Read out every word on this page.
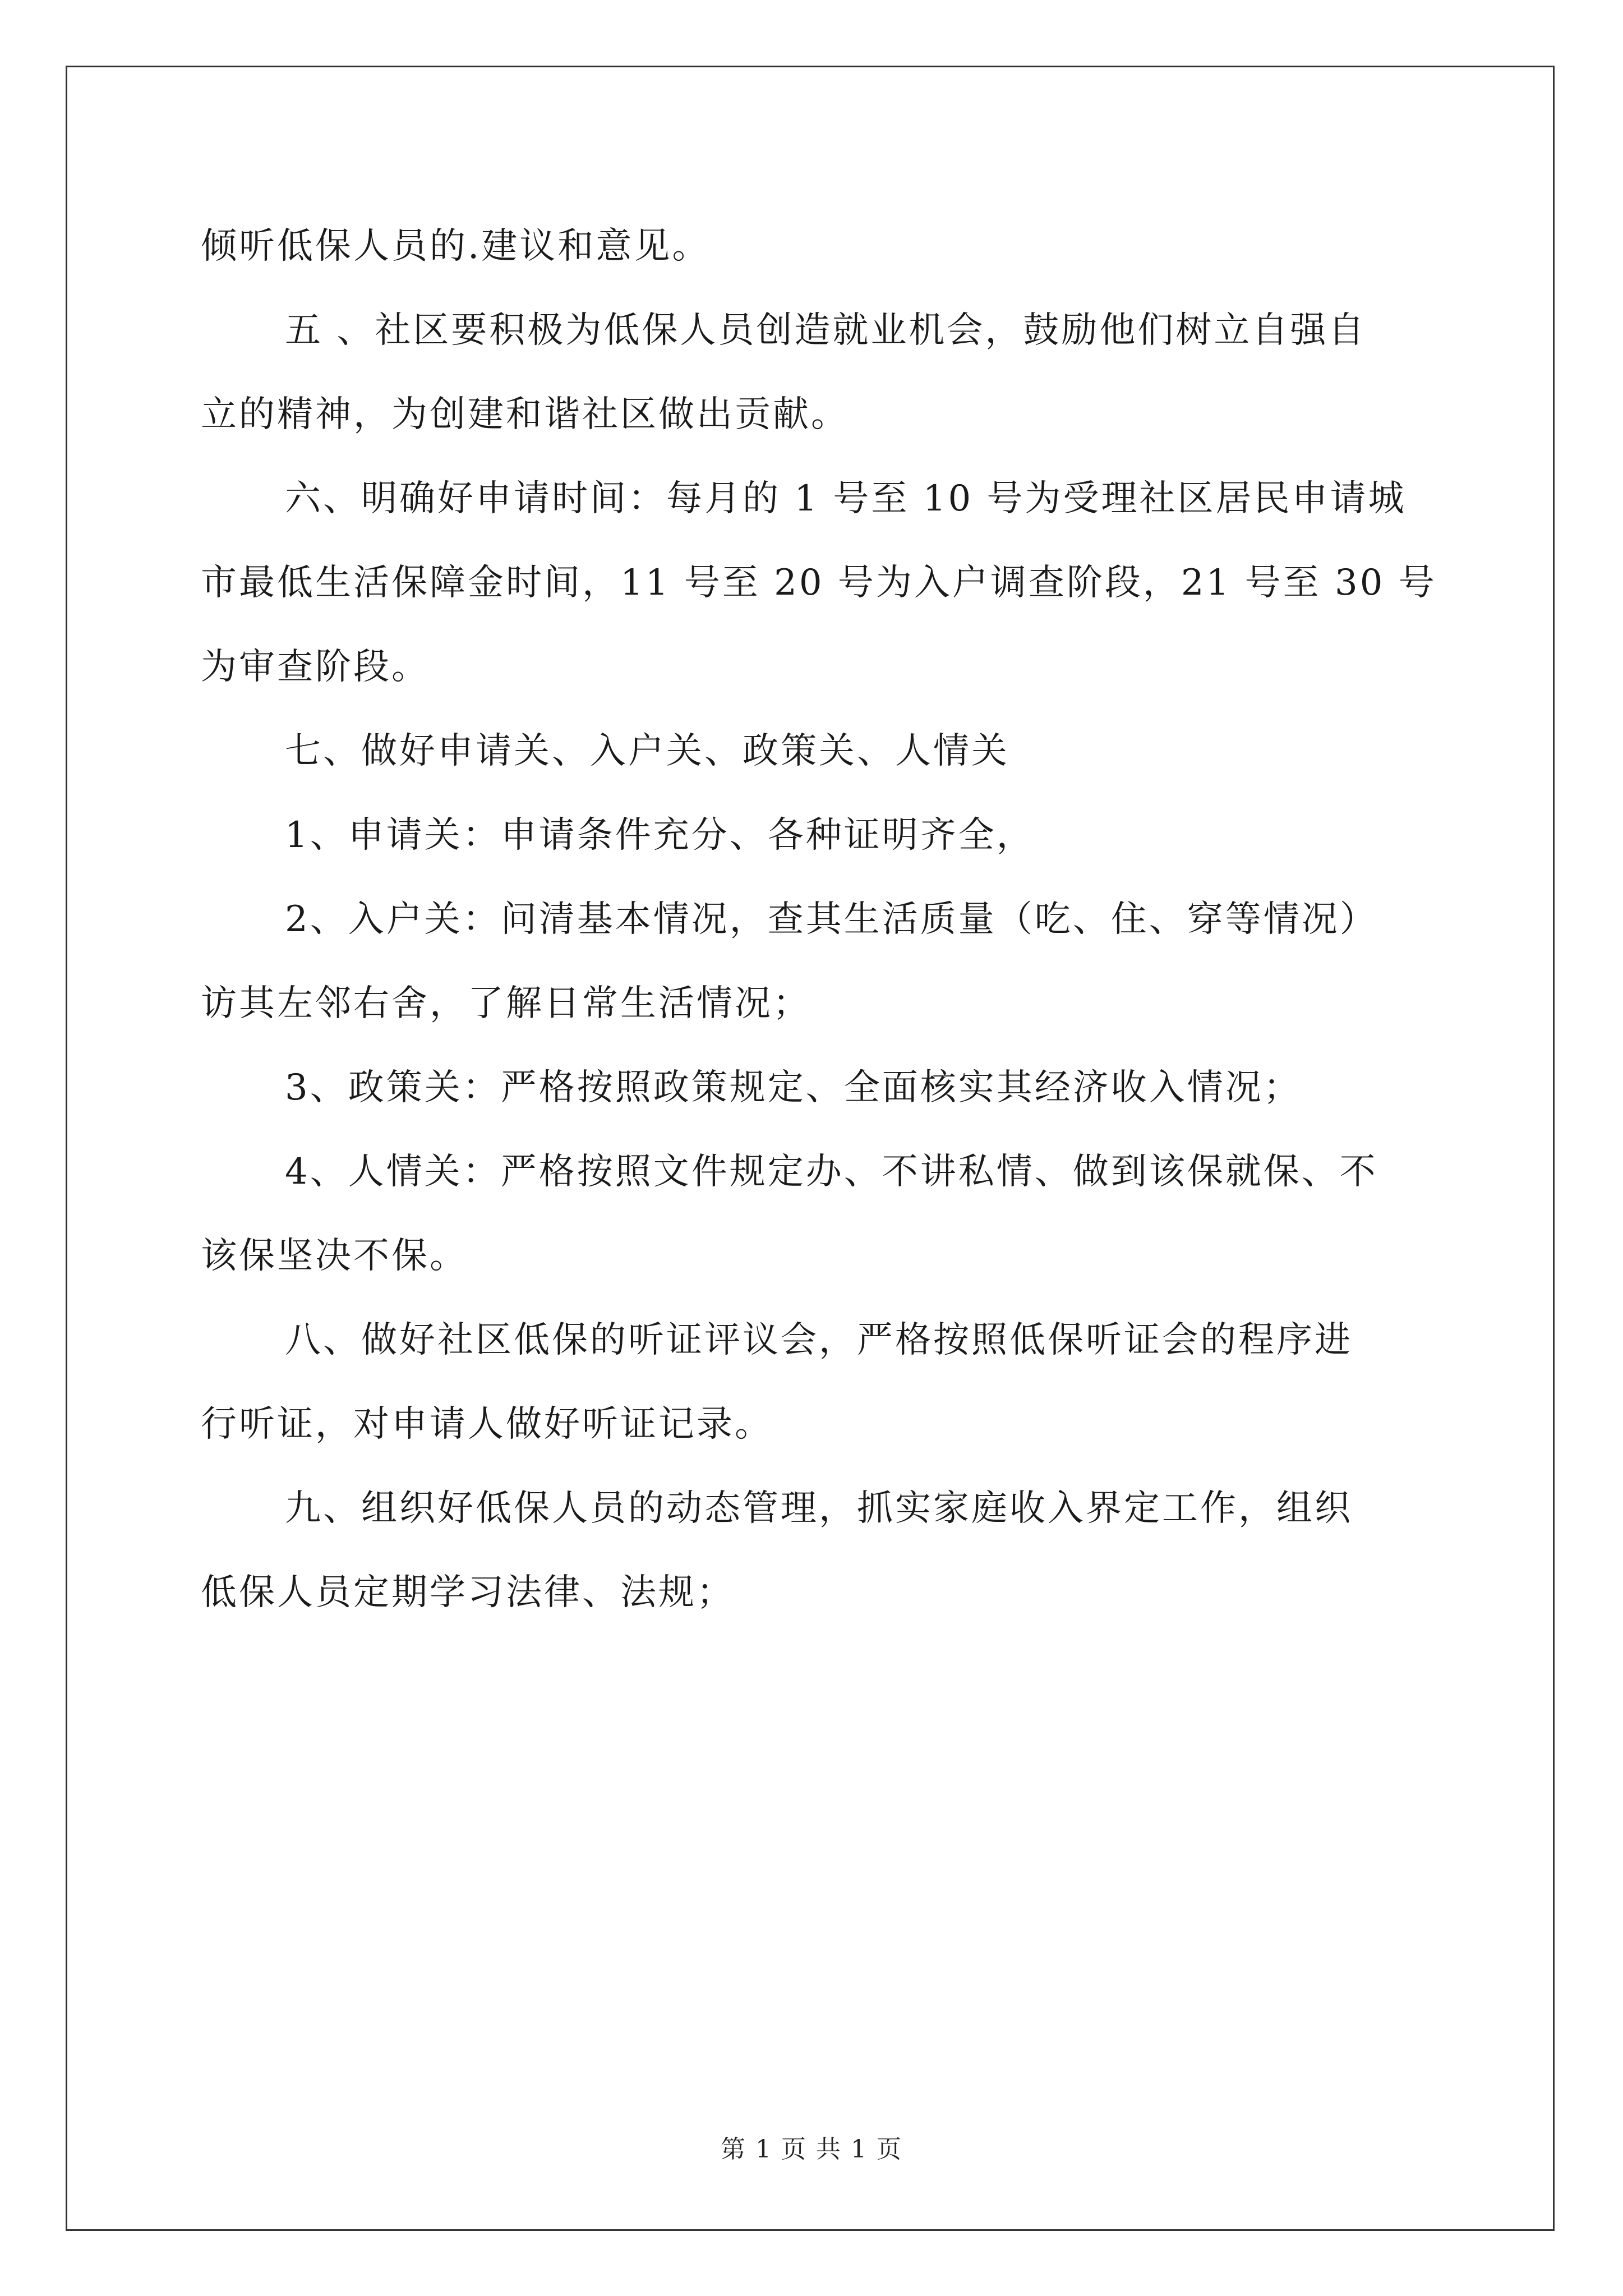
倾听低保人员的.建议和意见。
五 、社区要积极为低保人员创造就业机会，鼓励他们树立自强自
立的精神，为创建和谐社区做出贡献。
六、明确好申请时间：每月的 1 号至 10 号为受理社区居民申请城
市最低生活保障金时间，11 号至 20 号为入户调查阶段，21 号至 30 号
为审查阶段。
七、做好申请关、入户关、政策关、人情关
1、申请关：申请条件充分、各种证明齐全，
2、入户关：问清基本情况，查其生活质量（吃、住、穿等情况）
访其左邻右舍，了解日常生活情况；
3、政策关：严格按照政策规定、全面核实其经济收入情况；
4、人情关：严格按照文件规定办、不讲私情、做到该保就保、不
该保坚决不保。
八、做好社区低保的听证评议会，严格按照低保听证会的程序进
行听证，对申请人做好听证记录。
九、组织好低保人员的动态管理，抓实家庭收入界定工作，组织
低保人员定期学习法律、法规；
第 1 页 共 1 页
